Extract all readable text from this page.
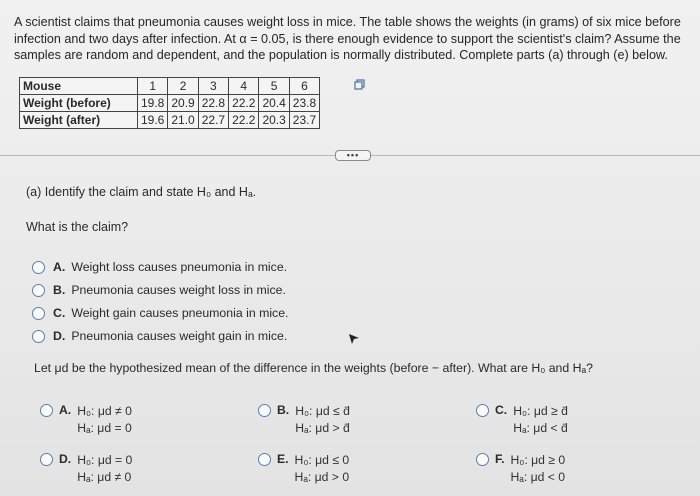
A scientist claims that pneumonia causes weight loss in mice. The table shows the weights (in grams) of six mice before infection and two days after infection. At α = 0.05, is there enough evidence to support the scientist's claim? Assume the samples are random and dependent, and the population is normally distributed. Complete parts (a) through (e) below.
Mouse	1	2	3	4	5	6
Weight (before)	19.8	20.9	22.8	22.2	20.4	23.8
Weight (after)	19.6	21.0	22.7	22.2	20.3	23.7
•••
(a) Identify the claim and state H₀ and Hₐ.
What is the claim?
A. Weight loss causes pneumonia in mice.
B. Pneumonia causes weight loss in mice.
C. Weight gain causes pneumonia in mice.
D. Pneumonia causes weight gain in mice.
Let μd be the hypothesized mean of the difference in the weights (before − after). What are H₀ and Hₐ?
A. H₀: μd ≠ 0
Hₐ: μd = 0
B. H₀: μd ≤ d̄
Hₐ: μd > d̄
C. H₀: μd ≥ d̄
Hₐ: μd < d̄
D. H₀: μd = 0
Hₐ: μd ≠ 0
E. H₀: μd ≤ 0
Hₐ: μd > 0
F. H₀: μd ≥ 0
Hₐ: μd < 0
